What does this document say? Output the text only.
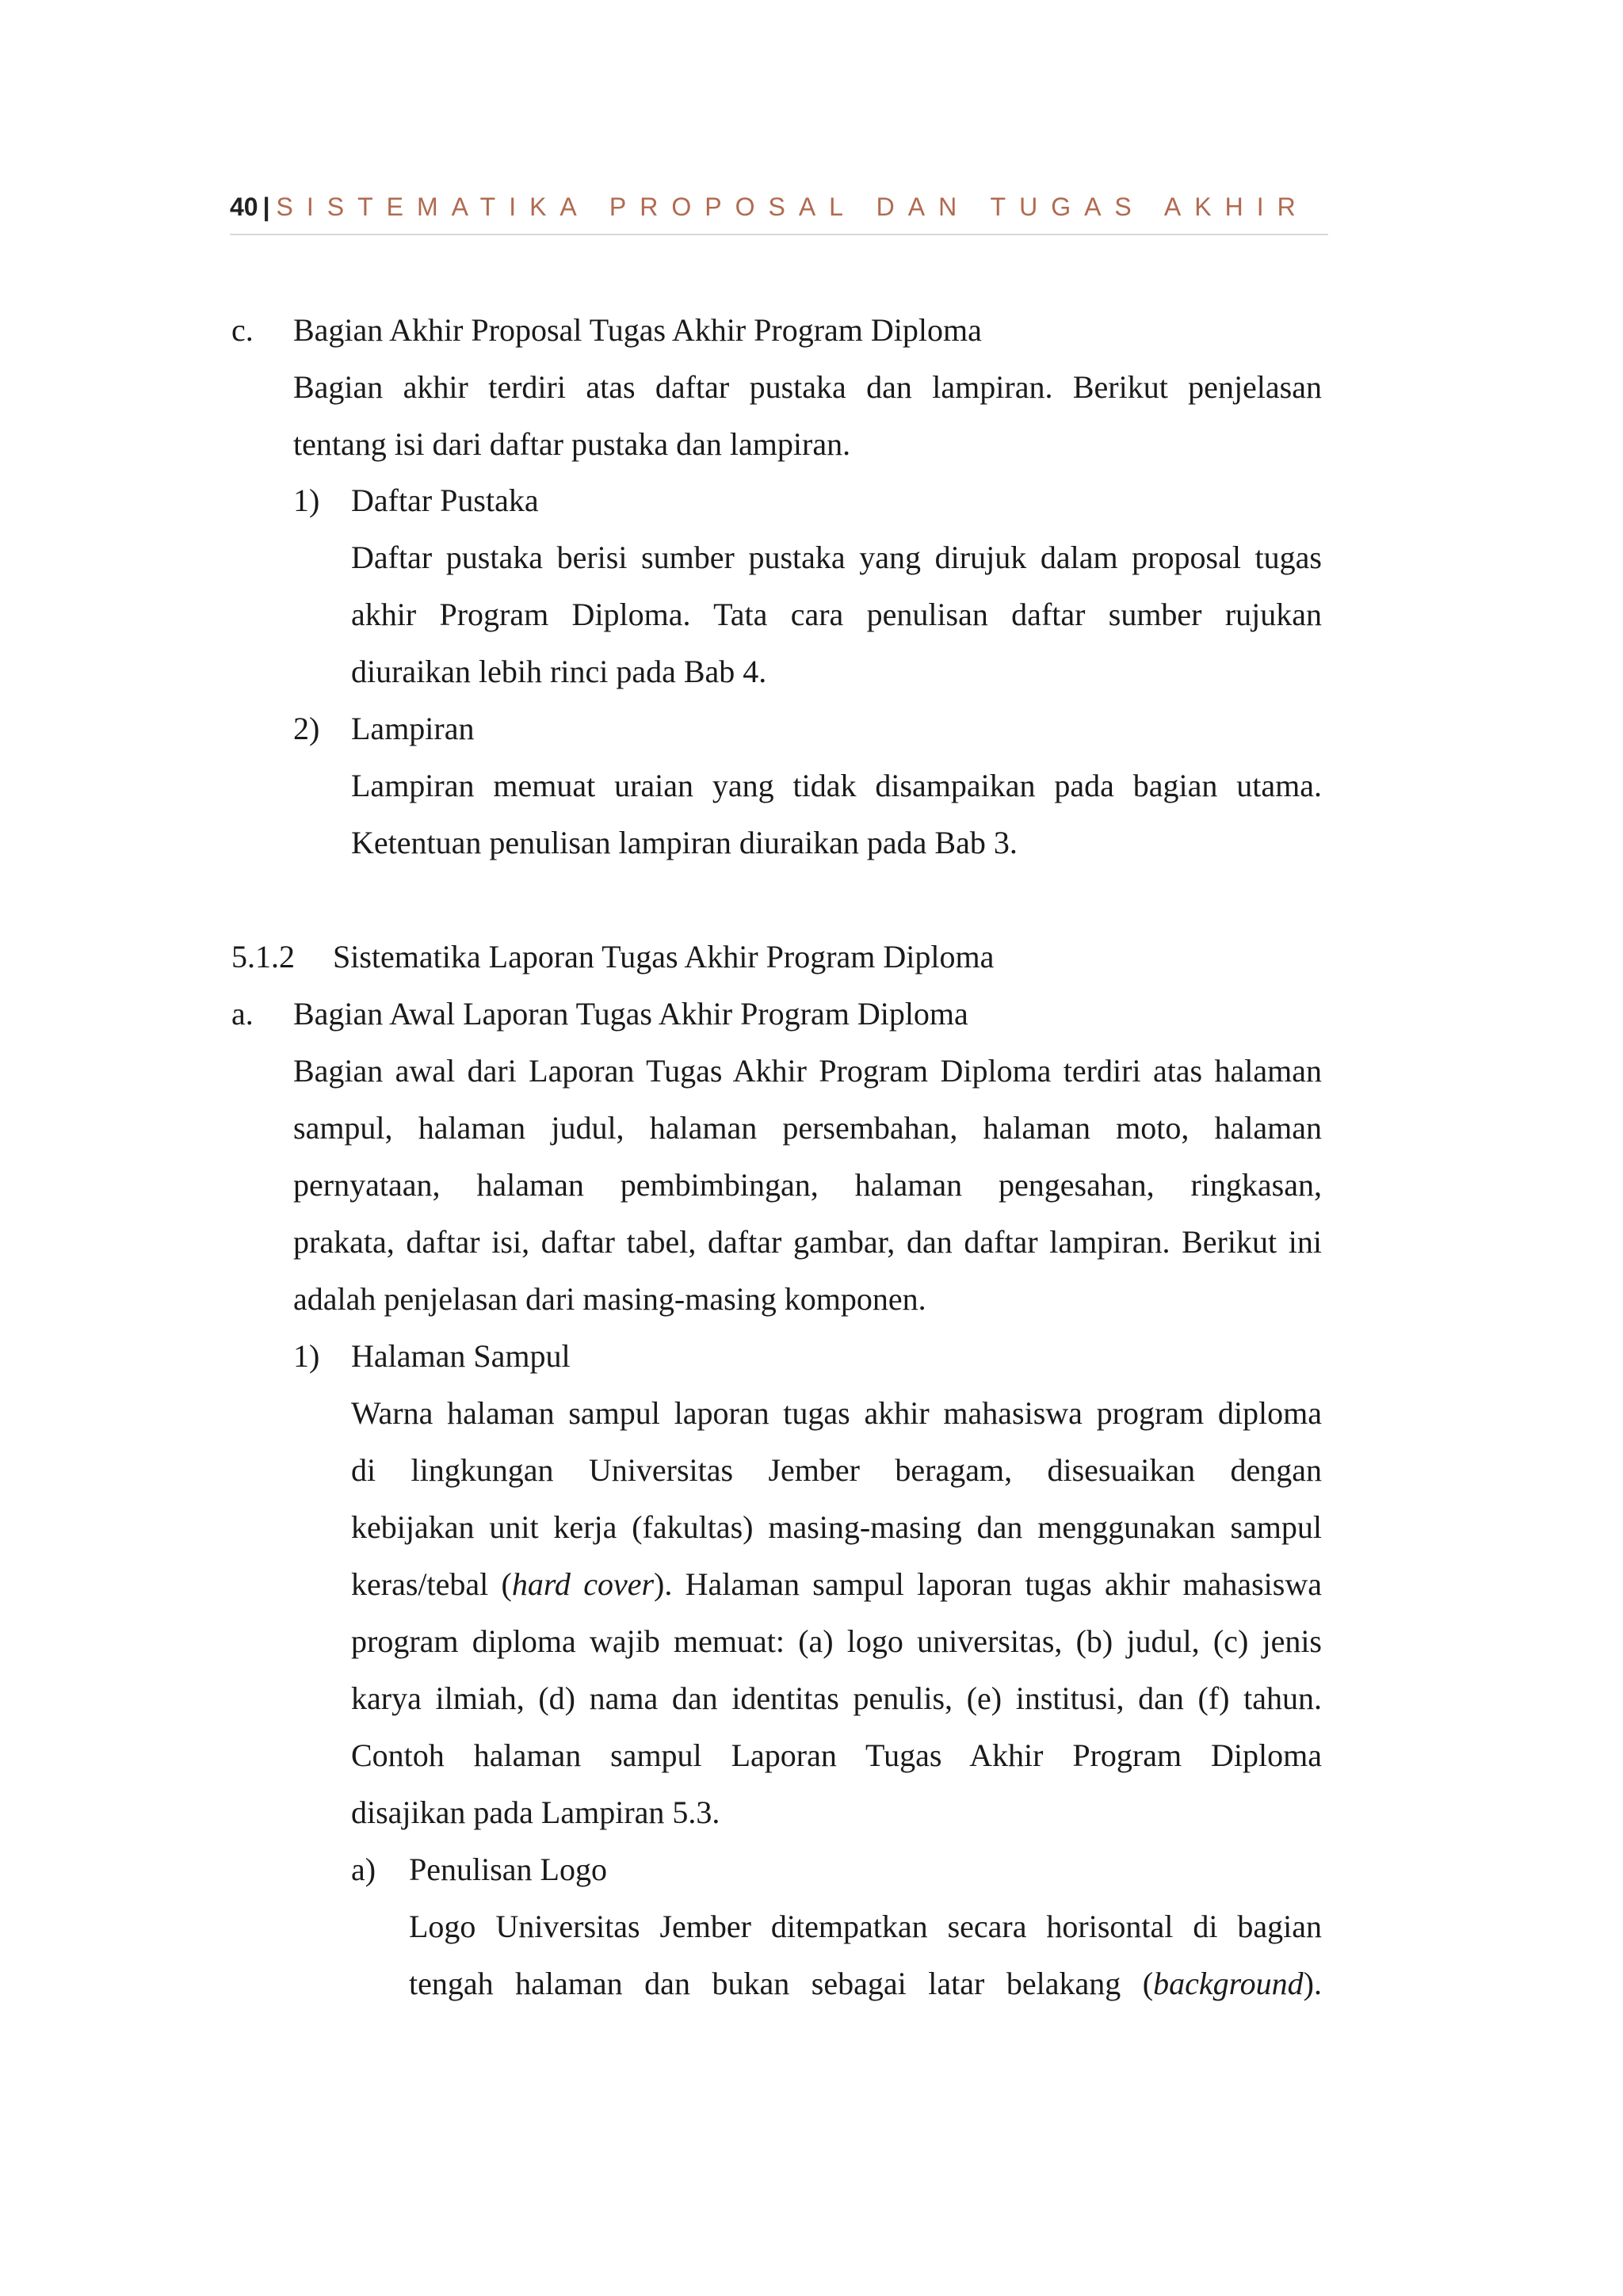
40 | SISTEMATIKA PROPOSAL DAN TUGAS AKHIR
c. Bagian Akhir Proposal Tugas Akhir Program Diploma
Bagian akhir terdiri atas daftar pustaka dan lampiran. Berikut penjelasan
tentang isi dari daftar pustaka dan lampiran.
1) Daftar Pustaka
Daftar pustaka berisi sumber pustaka yang dirujuk dalam proposal tugas
akhir Program Diploma. Tata cara penulisan daftar sumber rujukan
diuraikan lebih rinci pada Bab 4.
2) Lampiran
Lampiran memuat uraian yang tidak disampaikan pada bagian utama.
Ketentuan penulisan lampiran diuraikan pada Bab 3.
5.1.2 Sistematika Laporan Tugas Akhir Program Diploma
a. Bagian Awal Laporan Tugas Akhir Program Diploma
Bagian awal dari Laporan Tugas Akhir Program Diploma terdiri atas halaman
sampul, halaman judul, halaman persembahan, halaman moto, halaman
pernyataan, halaman pembimbingan, halaman pengesahan, ringkasan,
prakata, daftar isi, daftar tabel, daftar gambar, dan daftar lampiran. Berikut ini
adalah penjelasan dari masing-masing komponen.
1) Halaman Sampul
Warna halaman sampul laporan tugas akhir mahasiswa program diploma
di lingkungan Universitas Jember beragam, disesuaikan dengan
kebijakan unit kerja (fakultas) masing-masing dan menggunakan sampul
keras/tebal (hard cover). Halaman sampul laporan tugas akhir mahasiswa
program diploma wajib memuat: (a) logo universitas, (b) judul, (c) jenis
karya ilmiah, (d) nama dan identitas penulis, (e) institusi, dan (f) tahun.
Contoh halaman sampul Laporan Tugas Akhir Program Diploma
disajikan pada Lampiran 5.3.
a) Penulisan Logo
Logo Universitas Jember ditempatkan secara horisontal di bagian
tengah halaman dan bukan sebagai latar belakang (background).
